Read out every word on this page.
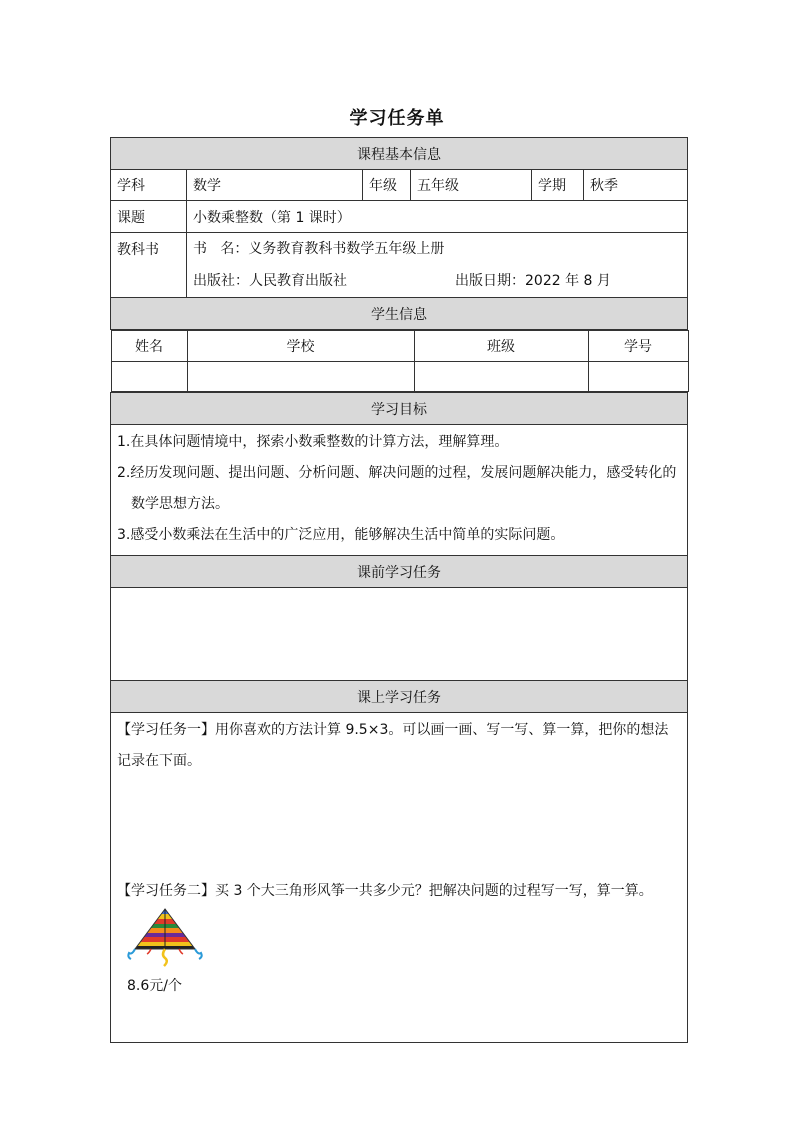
学习任务单
课程基本信息
学科	数学	年级	五年级	学期	秋季
课题	小数乘整数（第 1 课时）
教科书	书   名：义务教育教科书数学五年级上册
出版社：人民教育出版社	出版日期：2022 年 8 月

学生信息

姓名	学校	班级	学号

学习目标

1.在具体问题情境中，探索小数乘整数的计算方法，理解算理。

2.经历发现问题、提出问题、分析问题、解决问题的过程，发展问题解决能力，感受转化的

数学思想方法。

3.感受小数乘法在生活中的广泛应用，能够解决生活中简单的实际问题。

课前学习任务

课上学习任务

【学习任务一】用你喜欢的方法计算 9.5×3。可以画一画、写一写、算一算，把你的想法记录在下面。

【学习任务二】买 3 个大三角形风筝一共多少元？把解决问题的过程写一写，算一算。

8.6元/个
